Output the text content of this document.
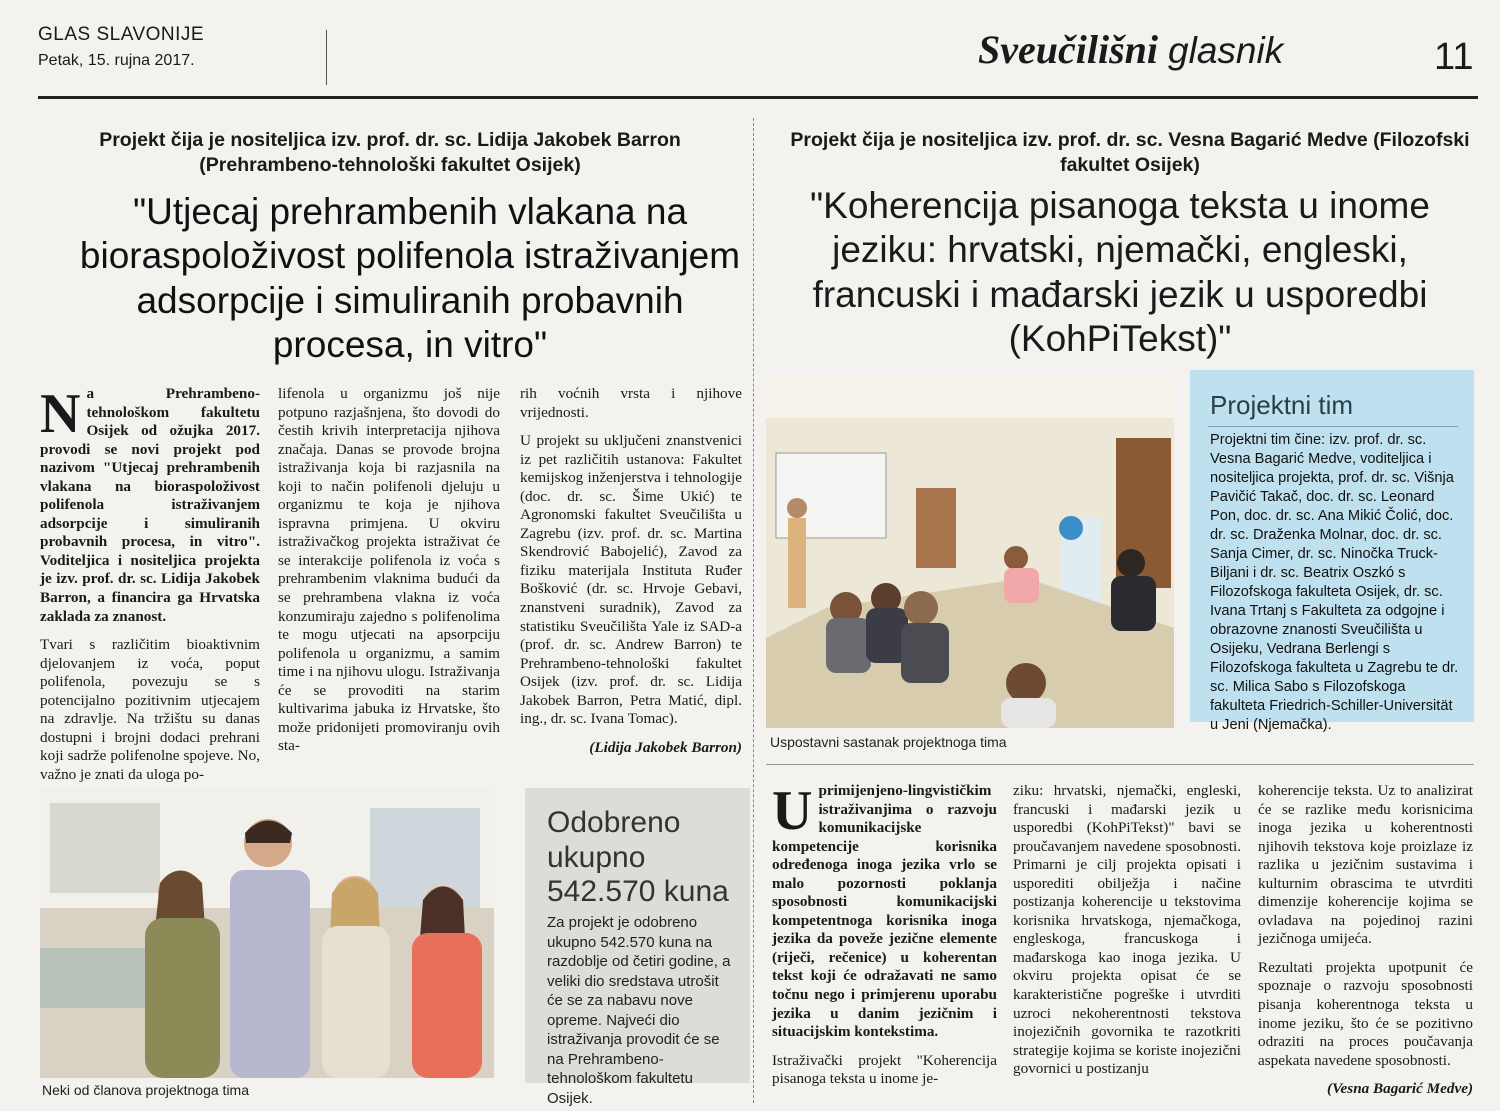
GLAS SLAVONIJE
Petak, 15. rujna 2017.	Sveučilišni glasnik	11
Projekt čija je nositeljica izv. prof. dr. sc. Lidija Jakobek Barron (Prehrambeno-tehnološki fakultet Osijek)
"Utjecaj prehrambenih vlakana na bioraspoloživost polifenola istraživanjem adsorpcije i simuliranih probavnih procesa, in vitro"

Na Prehrambeno-tehnološkom fakultetu Osijek od ožujka 2017. provodi se novi projekt pod nazivom "Utjecaj prehrambenih vlakana na bioraspoloživost polifenola istraživanjem adsorpcije i simuliranih probavnih procesa, in vitro". Voditeljica i nositeljica projekta je izv. prof. dr. sc. Lidija Jakobek Barron, a financira ga Hrvatska zaklada za znanost.

Tvari s različitim bioaktivnim djelovanjem iz voća, poput polifenola, povezuju se s potencijalno pozitivnim utjecajem na zdravlje. Na tržištu su danas dostupni i brojni dodaci prehrani koji sadrže polifenolne spojeve. No, važno je znati da uloga po-

lifenola u organizmu još nije potpuno razjašnjena, što dovodi do čestih krivih interpretacija njihova značaja. Danas se provode brojna istraživanja koja bi razjasnila na koji to način polifenoli djeluju u organizmu te koja je njihova ispravna primjena. U okviru istraživačkog projekta istraživat će se interakcije polifenola iz voća s prehrambenim vlaknima budući da se prehrambena vlakna iz voća konzumiraju zajedno s polifenolima te mogu utjecati na apsorpciju polifenola u organizmu, a samim time i na njihovu ulogu. Istraživanja će se provoditi na starim kultivarima jabuka iz Hrvatske, što može pridonijeti promoviranju ovih sta-

rih voćnih vrsta i njihove vrijednosti.

U projekt su uključeni znanstvenici iz pet različitih ustanova: Fakultet kemijskog inženjerstva i tehnologije (doc. dr. sc. Šime Ukić) te Agronomski fakultet Sveučilišta u Zagrebu (izv. prof. dr. sc. Martina Skendrović Babojelić), Zavod za fiziku materijala Instituta Ruđer Bošković (dr. sc. Hrvoje Gebavi, znanstveni suradnik), Zavod za statistiku Sveučilišta Yale iz SAD-a (prof. dr. sc. Andrew Barron) te Prehrambeno-tehnološki fakultet Osijek (izv. prof. dr. sc. Lidija Jakobek Barron, Petra Matić, dipl. ing., dr. sc. Ivana Tomac).

(Lidija Jakobek Barron)
Neki od članova projektnoga tima
Odobreno ukupno 542.570 kuna
Za projekt je odobreno ukupno 542.570 kuna na razdoblje od četiri godine, a veliki dio sredstava utrošit će se za nabavu nove opreme. Najveći dio istraživanja provodit će se na Prehrambeno-tehnološkom fakultetu Osijek.
Projekt čija je nositeljica izv. prof. dr. sc. Vesna Bagarić Medve (Filozofski fakultet Osijek)
"Koherencija pisanoga teksta u inome jeziku: hrvatski, njemački, engleski, francuski i mađarski jezik u usporedbi (KohPiTekst)"
Uspostavni sastanak projektnoga tima
Projektni tim
Projektni tim čine: izv. prof. dr. sc. Vesna Bagarić Medve, voditeljica i nositeljica projekta, prof. dr. sc. Višnja Pavičić Takač, doc. dr. sc. Leonard Pon, doc. dr. sc. Ana Mikić Čolić, doc. dr. sc. Draženka Molnar, doc. dr. sc. Sanja Cimer, dr. sc. Ninočka Truck-Biljani i dr. sc. Beatrix Oszkó s Filozofskoga fakulteta Osijek, dr. sc. Ivana Trtanj s Fakulteta za odgojne i obrazovne znanosti Sveučilišta u Osijeku, Vedrana Berlengi s Filozofskoga fakulteta u Zagrebu te dr. sc. Milica Sabo s Filozofskoga fakulteta Friedrich-Schiller-Universität u Jeni (Njemačka).

Uprimijenjeno-lingvističkim istraživanjima o razvoju komunikacijske kompetencije korisnika određenoga inoga jezika vrlo se malo pozornosti poklanja sposobnosti komunikacijski kompetentnoga korisnika inoga jezika da poveže jezične elemente (riječi, rečenice) u koherentan tekst koji će odražavati ne samo točnu nego i primjerenu uporabu jezika u danim jezičnim i situacijskim kontekstima.

Istraživački projekt "Koherencija pisanoga teksta u inome je-

ziku: hrvatski, njemački, engleski, francuski i mađarski jezik u usporedbi (KohPiTekst)" bavi se proučavanjem navedene sposobnosti. Primarni je cilj projekta opisati i usporediti obilježja i načine postizanja koherencije u tekstovima korisnika hrvatskoga, njemačkoga, engleskoga, francuskoga i mađarskoga kao inoga jezika. U okviru projekta opisat će se karakteristične pogreške i utvrditi uzroci nekoherentnosti tekstova inojezičnih govornika te razotkriti strategije kojima se koriste inojezični govornici u postizanju

koherencije teksta. Uz to analizirat će se razlike među korisnicima inoga jezika u koherentnosti njihovih tekstova koje proizlaze iz razlika u jezičnim sustavima i kulturnim obrascima te utvrditi dimenzije koherencije kojima se ovladava na pojedinoj razini jezičnoga umijeća.

Rezultati projekta upotpunit će spoznaje o razvoju sposobnosti pisanja koherentnoga teksta u inome jeziku, što će se pozitivno odraziti na proces poučavanja aspekata navedene sposobnosti.

(Vesna Bagarić Medve)
